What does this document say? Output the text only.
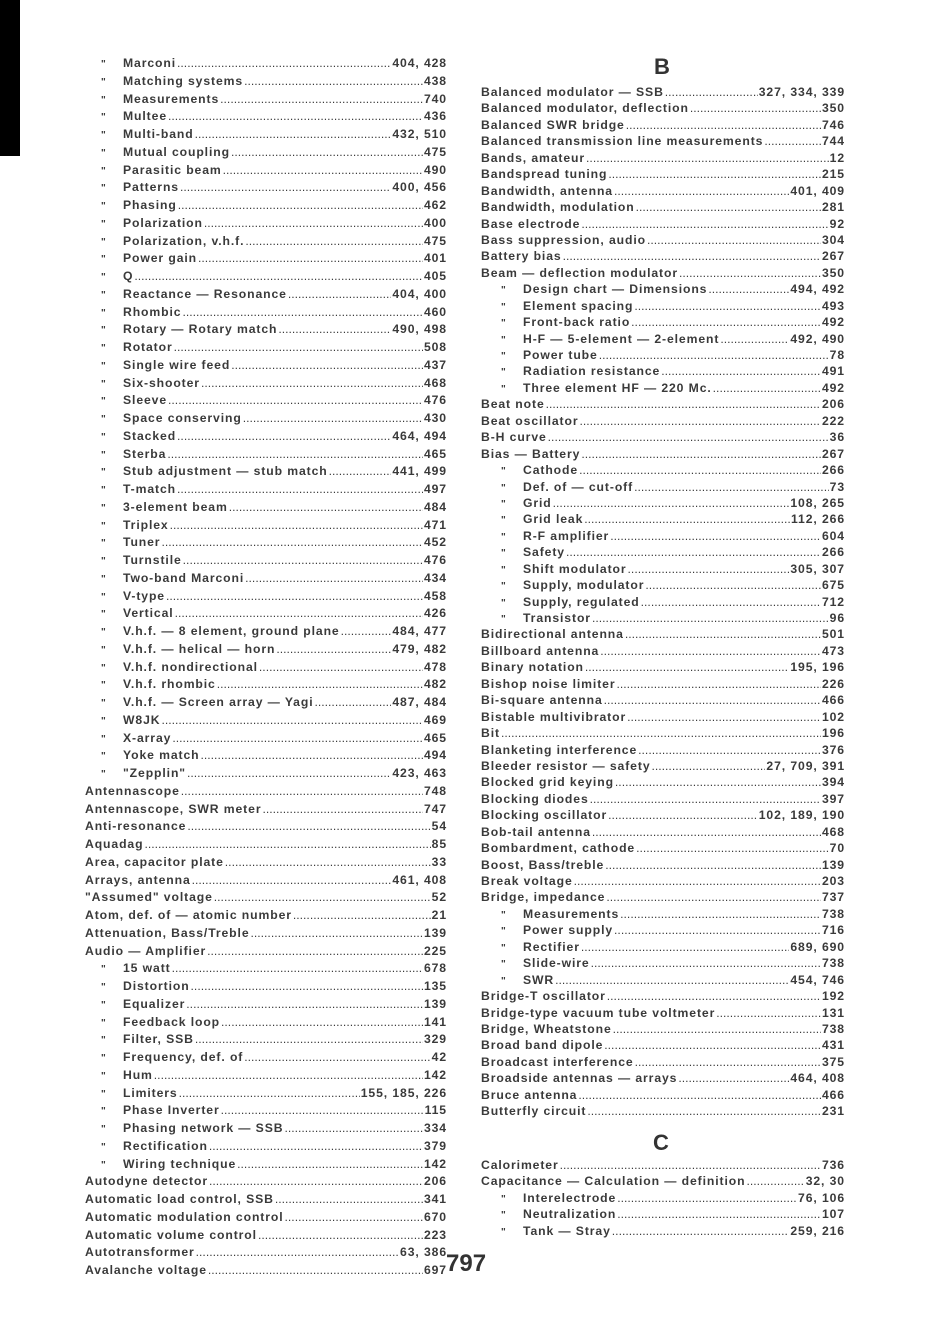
"	Marconi .....	404, 428
"	Matching systems .....	438
"	Measurements .....	740
"	Multee .....	436
"	Multi-band .....	432, 510
"	Mutual coupling .....	475
"	Parasitic beam .....	490
"	Patterns .....	400, 456
"	Phasing .....	462
"	Polarization .....	400
"	Polarization, v.h.f. .....	475
"	Power gain .....	401
"	Q .....	405
"	Reactance — Resonance .....	404, 400
"	Rhombic .....	460
"	Rotary — Rotary match .....	490, 498
"	Rotator .....	508
"	Single wire feed .....	437
"	Six-shooter .....	468
"	Sleeve .....	476
"	Space conserving .....	430
"	Stacked .....	464, 494
"	Sterba .....	465
"	Stub adjustment — stub match .....	441, 499
"	T-match .....	497
"	3-element beam .....	484
"	Triplex .....	471
"	Tuner .....	452
"	Turnstile .....	476
"	Two-band Marconi .....	434
"	V-type .....	458
"	Vertical .....	426
"	V.h.f. — 8 element, ground plane .....	484, 477
"	V.h.f. — helical — horn .....	479, 482
"	V.h.f. nondirectional .....	478
"	V.h.f. rhombic .....	482
"	V.h.f. — Screen array — Yagi .....	487, 484
"	W8JK .....	469
"	X-array .....	465
"	Yoke match .....	494
"	"Zepplin" .....	423, 463
Antennascope .....	748
Antennascope, SWR meter .....	747
Anti-resonance .....	54
Aquadag .....	85
Area, capacitor plate .....	33
Arrays, antenna .....	461, 408
"Assumed" voltage .....	52
Atom, def. of — atomic number .....	21
Attenuation, Bass/Treble .....	139
Audio — Amplifier .....	225
"	15 watt .....	678
"	Distortion .....	135
"	Equalizer .....	139
"	Feedback loop .....	141
"	Filter, SSB .....	329
"	Frequency, def. of .....	42
"	Hum .....	142
"	Limiters .....	155, 185, 226
"	Phase Inverter .....	115
"	Phasing network — SSB .....	334
"	Rectification .....	379
"	Wiring technique .....	142
Autodyne detector .....	206
Automatic load control, SSB .....	341
Automatic modulation control .....	670
Automatic volume control .....	223
Autotransformer .....	63, 386
Avalanche voltage .....	697
B
Balanced modulator — SSB .....	327, 334, 339
Balanced modulator, deflection .....	350
Balanced SWR bridge .....	746
Balanced transmission line measurements .....	744
Bands, amateur .....	12
Bandspread tuning .....	215
Bandwidth, antenna .....	401, 409
Bandwidth, modulation .....	281
Base electrode .....	92
Bass suppression, audio .....	304
Battery bias .....	267
Beam — deflection modulator .....	350
"	Design chart — Dimensions .....	494, 492
"	Element spacing .....	493
"	Front-back ratio .....	492
"	H-F — 5-element — 2-element .....	492, 490
"	Power tube .....	78
"	Radiation resistance .....	491
"	Three element HF — 220 Mc. .....	492
Beat note .....	206
Beat oscillator .....	222
B-H curve .....	36
Bias — Battery .....	267
"	Cathode .....	266
"	Def. of — cut-off .....	73
"	Grid .....	108, 265
"	Grid leak .....	112, 266
"	R-F amplifier .....	604
"	Safety .....	266
"	Shift modulator .....	305, 307
"	Supply, modulator .....	675
"	Supply, regulated .....	712
"	Transistor .....	96
Bidirectional antenna .....	501
Billboard antenna .....	473
Binary notation .....	195, 196
Bishop noise limiter .....	226
Bi-square antenna .....	466
Bistable multivibrator .....	102
Bit .....	196
Blanketing interference .....	376
Bleeder resistor — safety .....	27, 709, 391
Blocked grid keying .....	394
Blocking diodes .....	397
Blocking oscillator .....	102, 189, 190
Bob-tail antenna .....	468
Bombardment, cathode .....	70
Boost, Bass/treble .....	139
Break voltage .....	203
Bridge, impedance .....	737
"	Measurements .....	738
"	Power supply .....	716
"	Rectifier .....	689, 690
"	Slide-wire .....	738
"	SWR .....	454, 746
Bridge-T oscillator .....	192
Bridge-type vacuum tube voltmeter .....	131
Bridge, Wheatstone .....	738
Broad band dipole .....	431
Broadcast interference .....	375
Broadside antennas — arrays .....	464, 408
Bruce antenna .....	466
Butterfly circuit .....	231
C
Calorimeter .....	736
Capacitance — Calculation — definition .....	32, 30
"	Interelectrode .....	76, 106
"	Neutralization .....	107
"	Tank — Stray .....	259, 216
797
